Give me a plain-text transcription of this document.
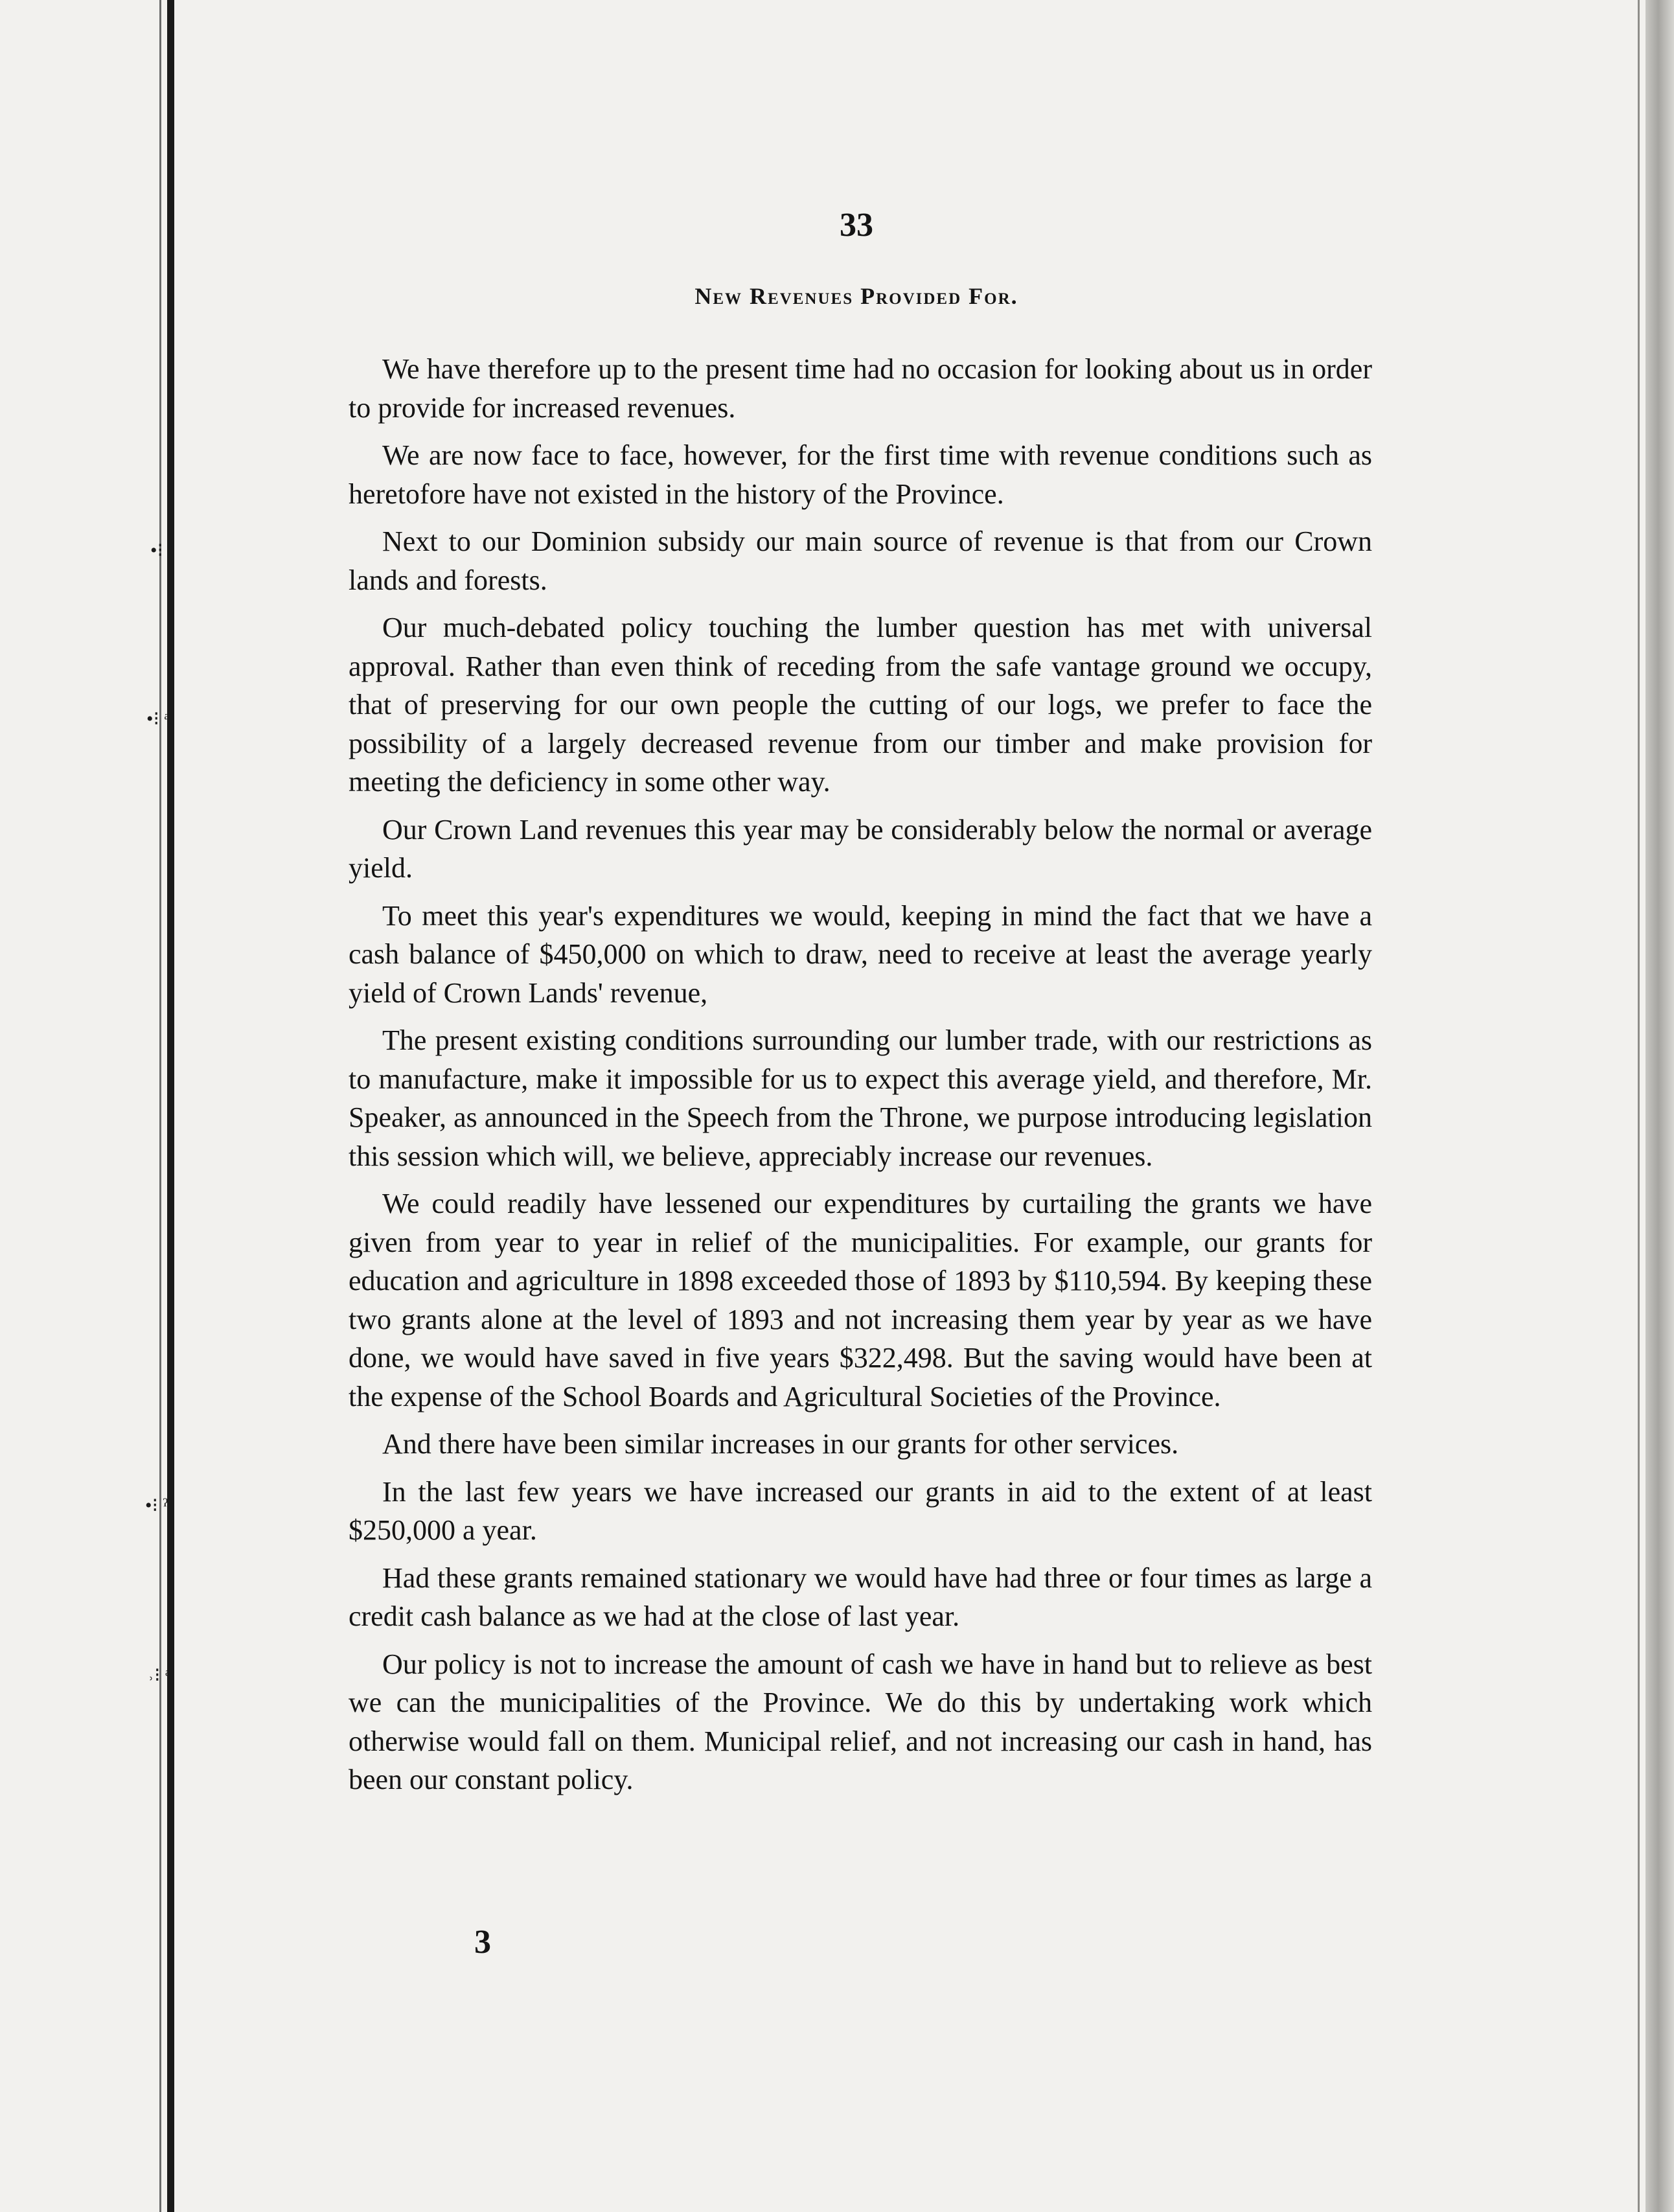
•⁝ ᵉ
•⁝ ᵃ
•⁝ ˀ
˒⁝ ᵃ
33
New Revenues Provided For.

We have therefore up to the present time had no occasion for looking about us in order to provide for increased revenues.

We are now face to face, however, for the first time with revenue conditions such as heretofore have not existed in the history of the Province.

Next to our Dominion subsidy our main source of revenue is that from our Crown lands and forests.

Our much-debated policy touching the lumber question has met with universal approval. Rather than even think of receding from the safe vantage ground we occupy, that of preserving for our own people the cutting of our logs, we prefer to face the possibility of a largely decreased revenue from our timber and make provision for meeting the deficiency in some other way.

Our Crown Land revenues this year may be considerably below the normal or average yield.

To meet this year's expenditures we would, keeping in mind the fact that we have a cash balance of $450,000 on which to draw, need to receive at least the average yearly yield of Crown Lands' revenue,

The present existing conditions surrounding our lumber trade, with our restrictions as to manufacture, make it impossible for us to expect this average yield, and therefore, Mr. Speaker, as announced in the Speech from the Throne, we purpose introducing legislation this session which will, we believe, appreciably increase our revenues.

We could readily have lessened our expenditures by curtailing the grants we have given from year to year in relief of the municipalities. For example, our grants for education and agriculture in 1898 exceeded those of 1893 by $110,594. By keeping these two grants alone at the level of 1893 and not increasing them year by year as we have done, we would have saved in five years $322,498. But the saving would have been at the expense of the School Boards and Agricultural Societies of the Province.

And there have been similar increases in our grants for other services.

In the last few years we have increased our grants in aid to the extent of at least $250,000 a year.

Had these grants remained stationary we would have had three or four times as large a credit cash balance as we had at the close of last year.

Our policy is not to increase the amount of cash we have in hand but to relieve as best we can the municipalities of the Province. We do this by undertaking work which otherwise would fall on them. Municipal relief, and not increasing our cash in hand, has been our constant policy.

3
